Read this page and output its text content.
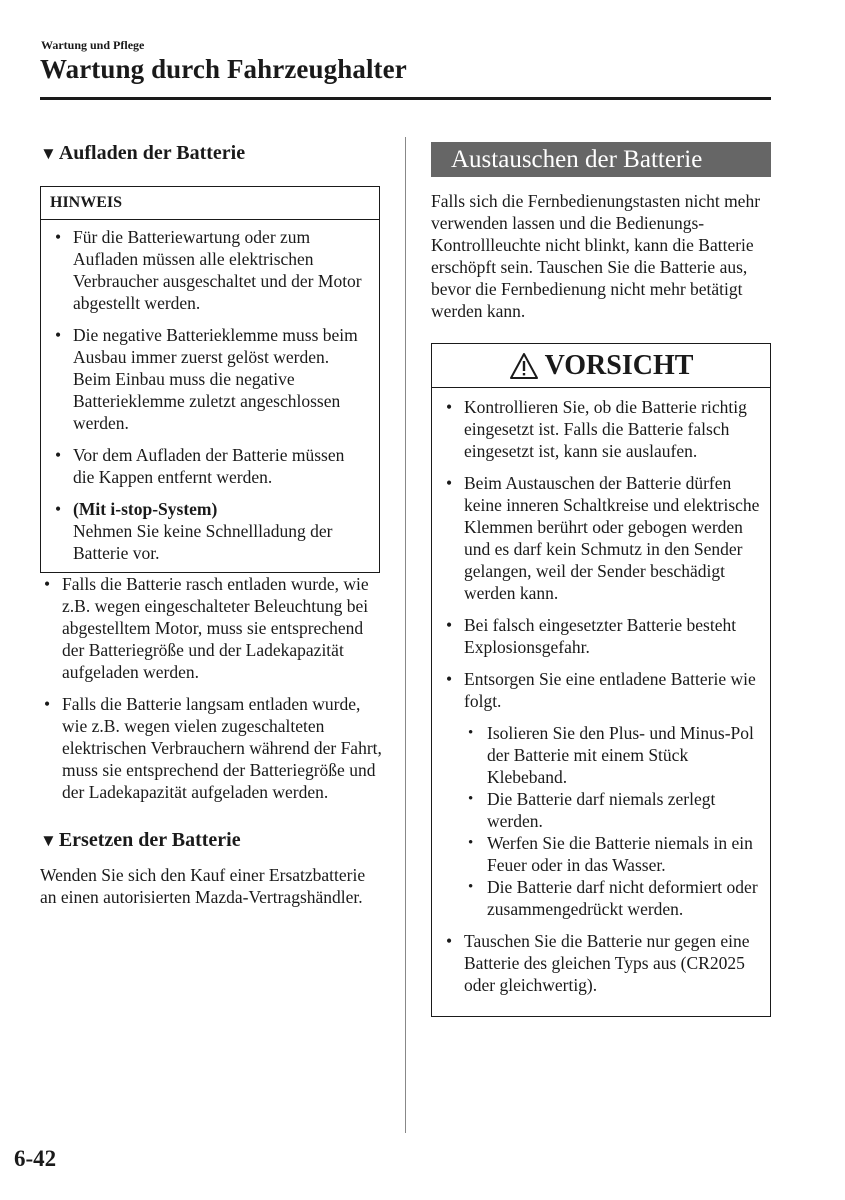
Wartung und Pflege
Wartung durch Fahrzeughalter
▼ Aufladen der Batterie
HINWEIS
• Für die Batteriewartung oder zum Aufladen müssen alle elektrischen Verbraucher ausgeschaltet und der Motor abgestellt werden.
• Die negative Batterieklemme muss beim Ausbau immer zuerst gelöst werden. Beim Einbau muss die negative Batterieklemme zuletzt angeschlossen werden.
• Vor dem Aufladen der Batterie müssen die Kappen entfernt werden.
• (Mit i-stop-System)
Nehmen Sie keine Schnellladung der Batterie vor.
• Falls die Batterie rasch entladen wurde, wie z.B. wegen eingeschalteter Beleuchtung bei abgestelltem Motor, muss sie entsprechend der Batteriegröße und der Ladekapazität aufgeladen werden.
• Falls die Batterie langsam entladen wurde, wie z.B. wegen vielen zugeschalteten elektrischen Verbrauchern während der Fahrt, muss sie entsprechend der Batteriegröße und der Ladekapazität aufgeladen werden.
▼ Ersetzen der Batterie

Wenden Sie sich den Kauf einer Ersatzbatterie an einen autorisierten Mazda-Vertragshändler.

Austauschen der Batterie

Falls sich die Fernbedienungstasten nicht mehr verwenden lassen und die Bedienungs-Kontrollleuchte nicht blinkt, kann die Batterie erschöpft sein. Tauschen Sie die Batterie aus, bevor die Fernbedienung nicht mehr betätigt werden kann.

VORSICHT
• Kontrollieren Sie, ob die Batterie richtig eingesetzt ist. Falls die Batterie falsch eingesetzt ist, kann sie auslaufen.
• Beim Austauschen der Batterie dürfen keine inneren Schaltkreise und elektrische Klemmen berührt oder gebogen werden und es darf kein Schmutz in den Sender gelangen, weil der Sender beschädigt werden kann.
• Bei falsch eingesetzter Batterie besteht Explosionsgefahr.
• Entsorgen Sie eine entladene Batterie wie folgt.
• Isolieren Sie den Plus- und Minus-Pol der Batterie mit einem Stück Klebeband.
• Die Batterie darf niemals zerlegt werden.
• Werfen Sie die Batterie niemals in ein Feuer oder in das Wasser.
• Die Batterie darf nicht deformiert oder zusammengedrückt werden.
• Tauschen Sie die Batterie nur gegen eine Batterie des gleichen Typs aus (CR2025 oder gleichwertig).
6-42
